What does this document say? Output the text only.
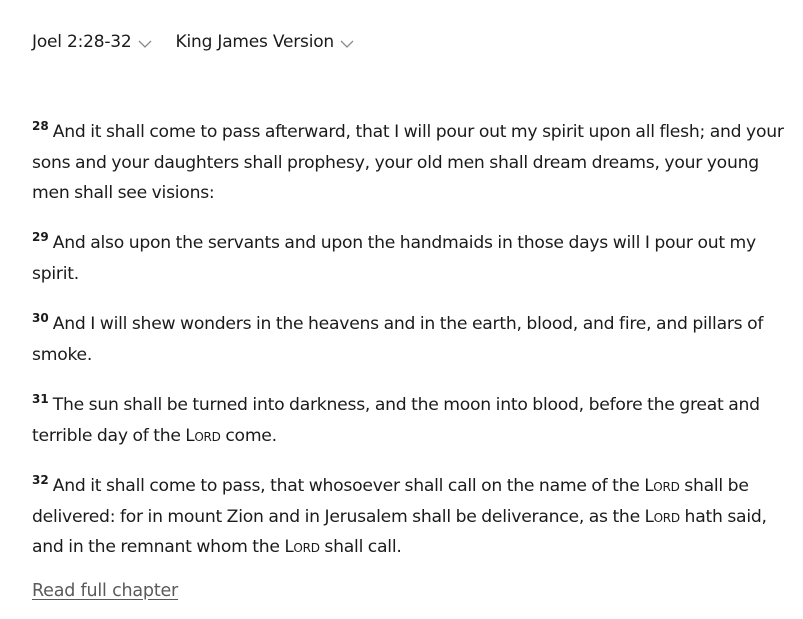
Joel 2:28-32	King James Version

$^{28}$ And it shall come to pass afterward, that I will pour out my spirit upon all flesh; and your sons and your daughters shall prophesy, your old men shall dream dreams, your young men shall see visions:

$^{29}$ And also upon the servants and upon the handmaids in those days will I pour out my spirit.

$^{30}$ And I will shew wonders in the heavens and in the earth, blood, and fire, and pillars of smoke.

$^{31}$ The sun shall be turned into darkness, and the moon into blood, before the great and terrible day of the Lord come.

$^{32}$ And it shall come to pass, that whosoever shall call on the name of the Lord shall be delivered: for in mount Zion and in Jerusalem shall be deliverance, as the Lord hath said, and in the remnant whom the Lord shall call.

Read full chapter
